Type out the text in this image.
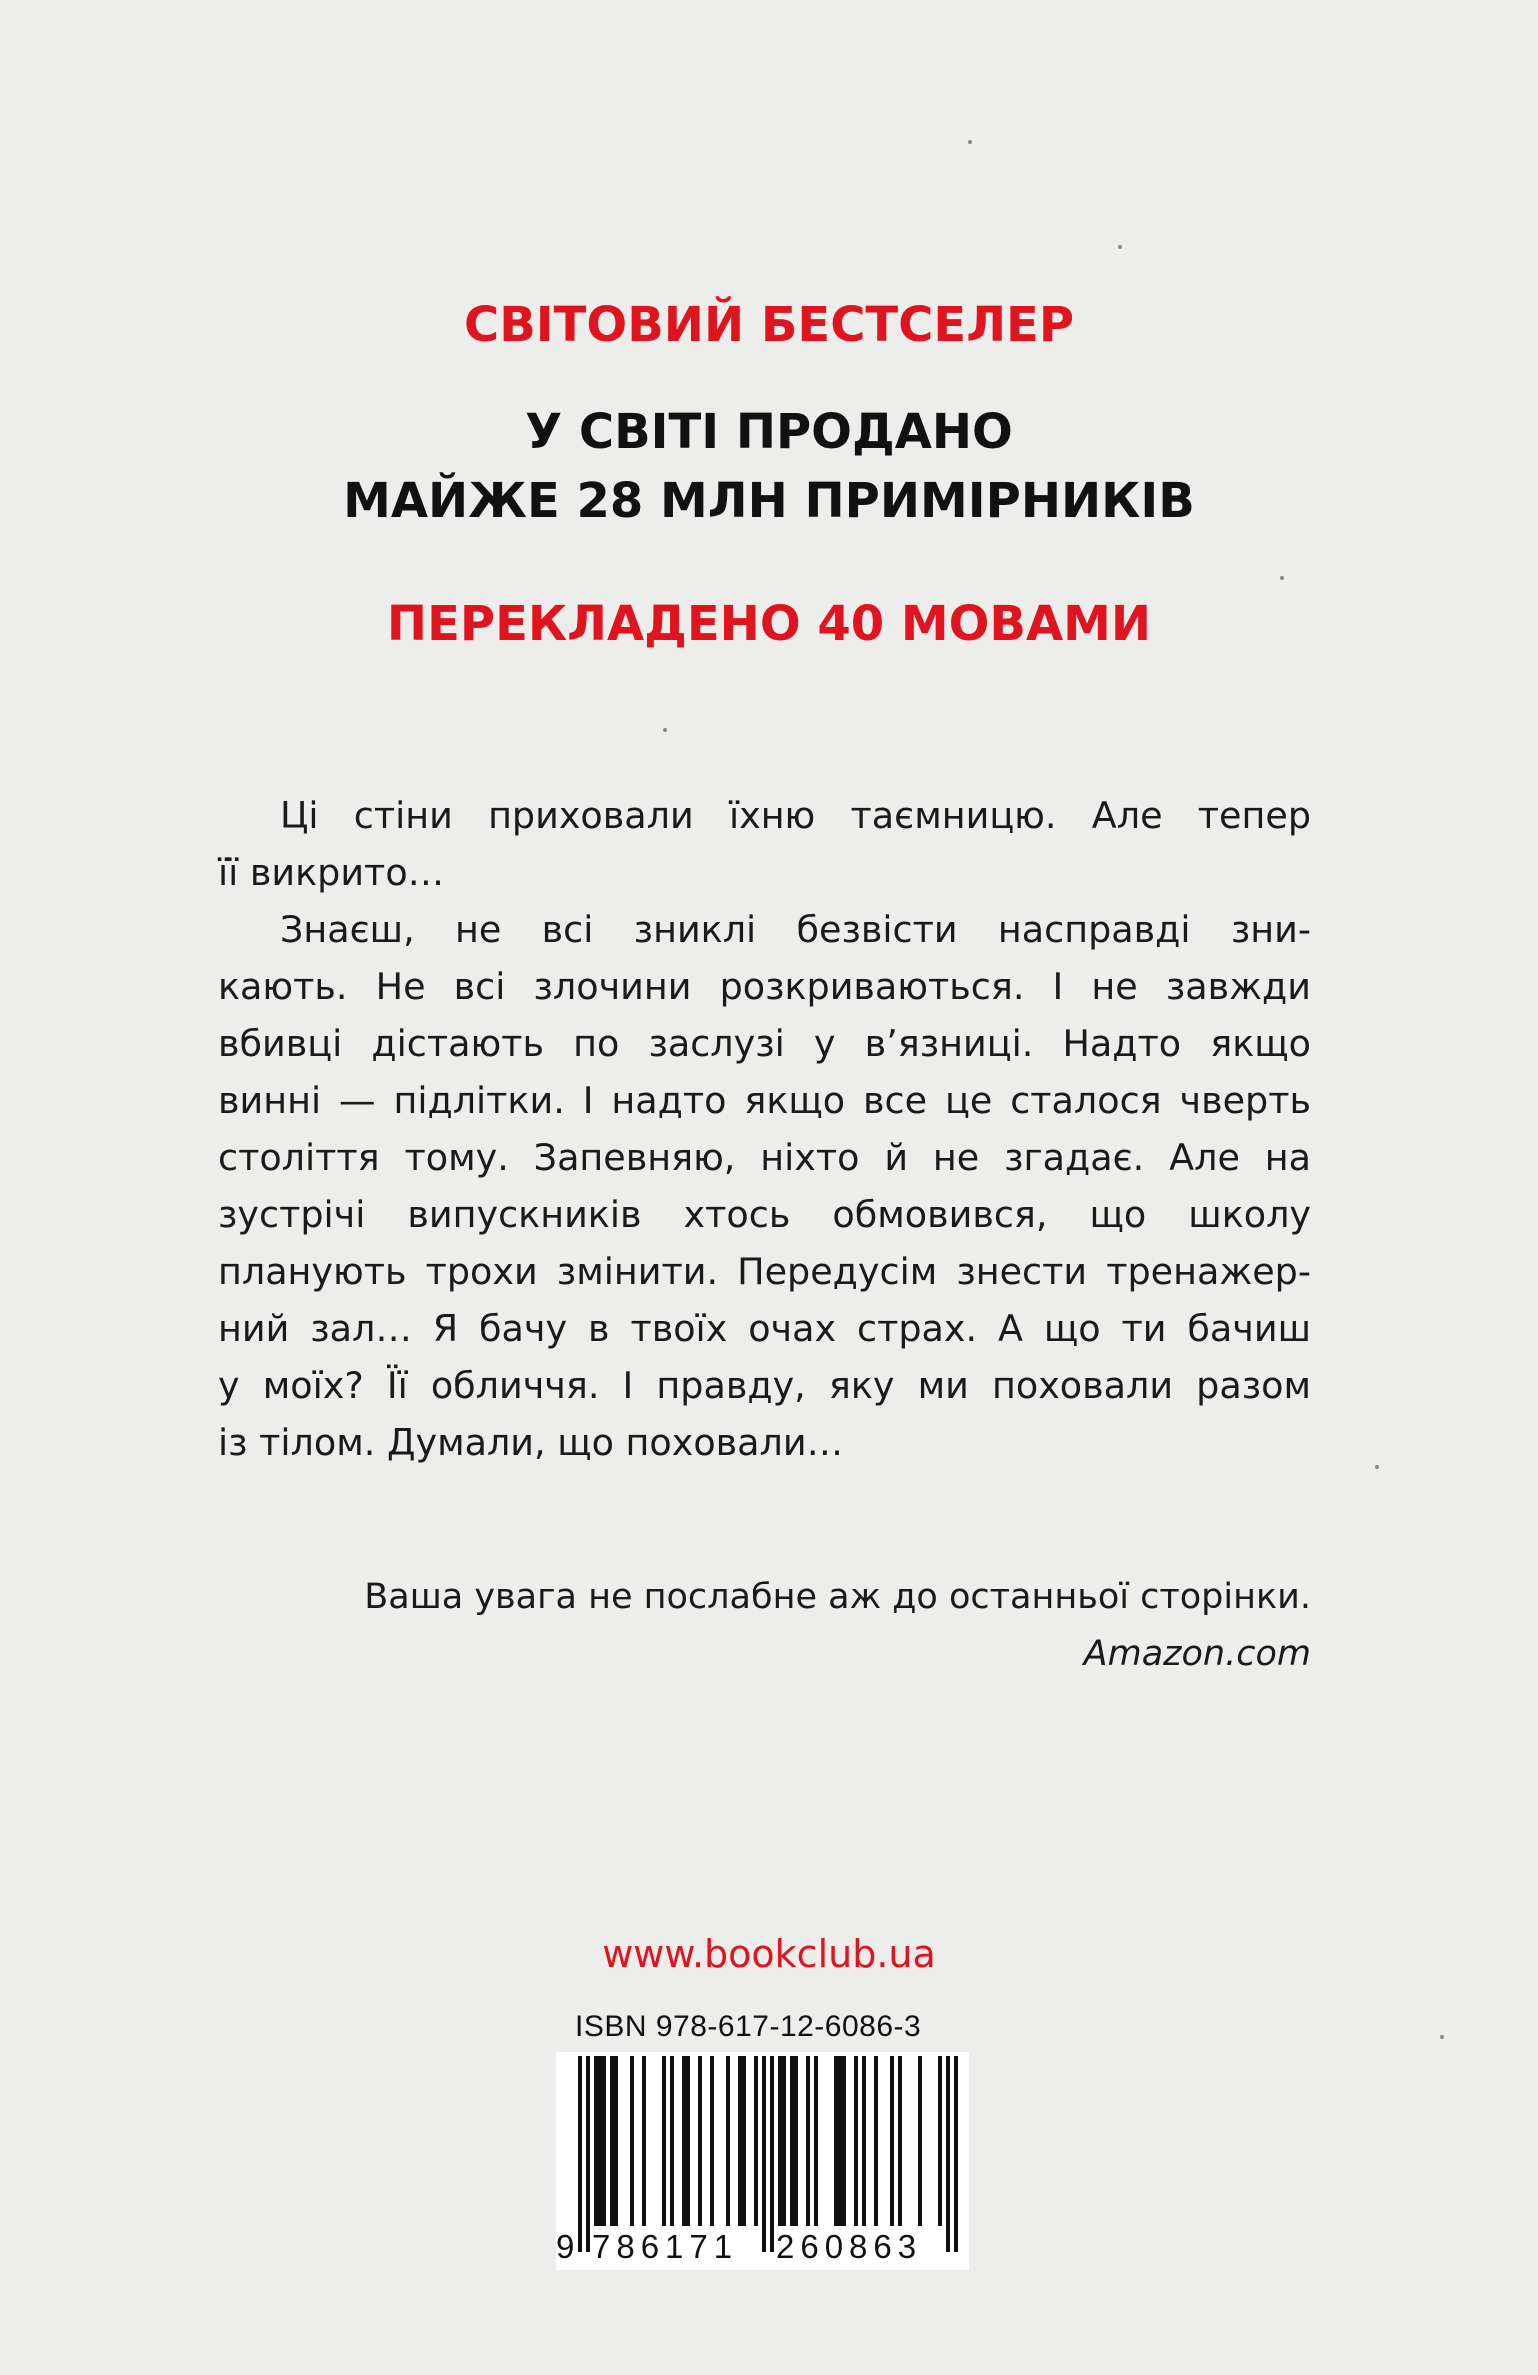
СВІТОВИЙ БЕСТСЕЛЕР
У СВІТІ ПРОДАНО
МАЙЖЕ 28 МЛН ПРИМІРНИКІВ
ПЕРЕКЛАДЕНО 40 МОВАМИ
Ці стіни приховали їхню таємницю. Але тепер
її викрито…
Знаєш, не всі зниклі безвісти насправді зни-
кають. Не всі злочини розкриваються. І не завжди
вбивці дістають по заслузі у в’язниці. Надто якщо
винні — підлітки. І надто якщо все це сталося чверть
століття тому. Запевняю, ніхто й не згадає. Але на
зустрічі випускників хтось обмовився, що школу
планують трохи змінити. Передусім знести тренажер-
ний зал… Я бачу в твоїх очах страх. А що ти бачиш
у моїх? Її обличчя. І правду, яку ми поховали разом
із тілом. Думали, що поховали…
Ваша увага не послабне аж до останньої сторінки.
Amazon.com
www.bookclub.ua
ISBN 978-617-12-6086-3
9 786171 260863
